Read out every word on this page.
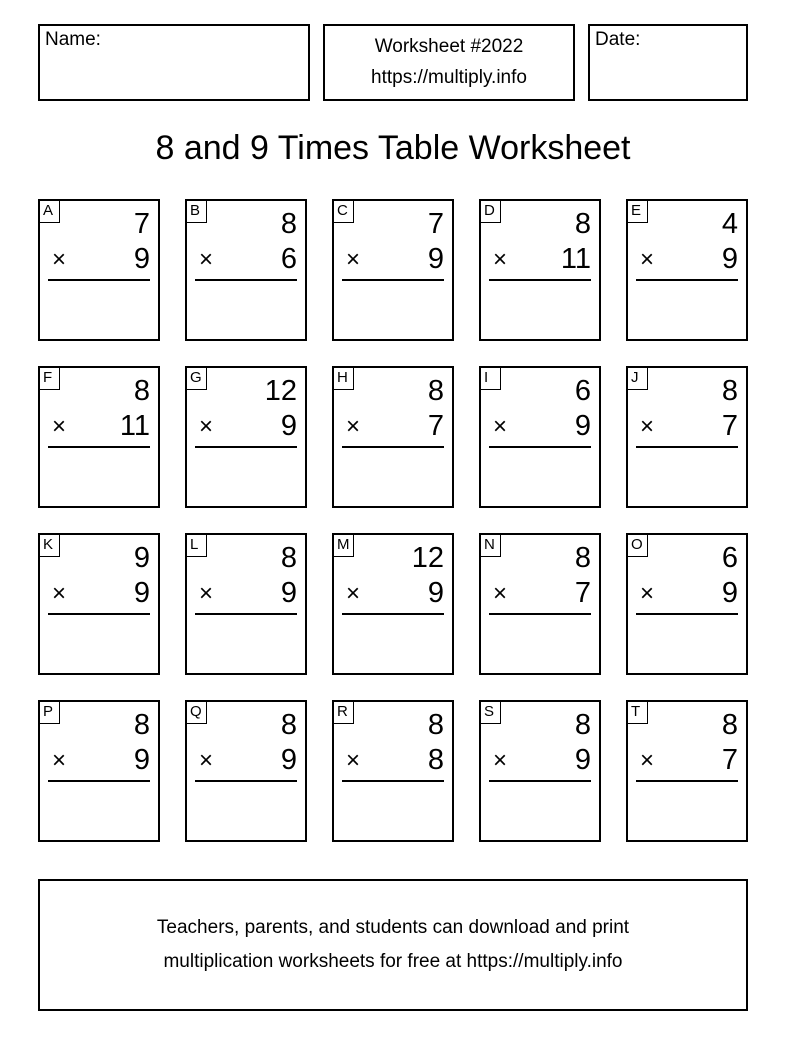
Name:	Worksheet #2022
https://multiply.info
Date:
8 and 9 Times Table Worksheet
A	7
× 9
B	8
× 6
C	7
× 9
D	8
× 11
E	4
× 9
F	8
× 11
G 12
× 9
H	8
× 7
I	6
× 9
J	8
× 7
K	9
× 9
L	8
× 9
M 12
× 9
N	8
× 7
O	6
× 9
P	8
× 9
Q	8
× 9
R	8
× 8
S	8
× 9
T	8
× 7
Teachers, parents, and students can download and print
multiplication worksheets for free at https://multiply.info
